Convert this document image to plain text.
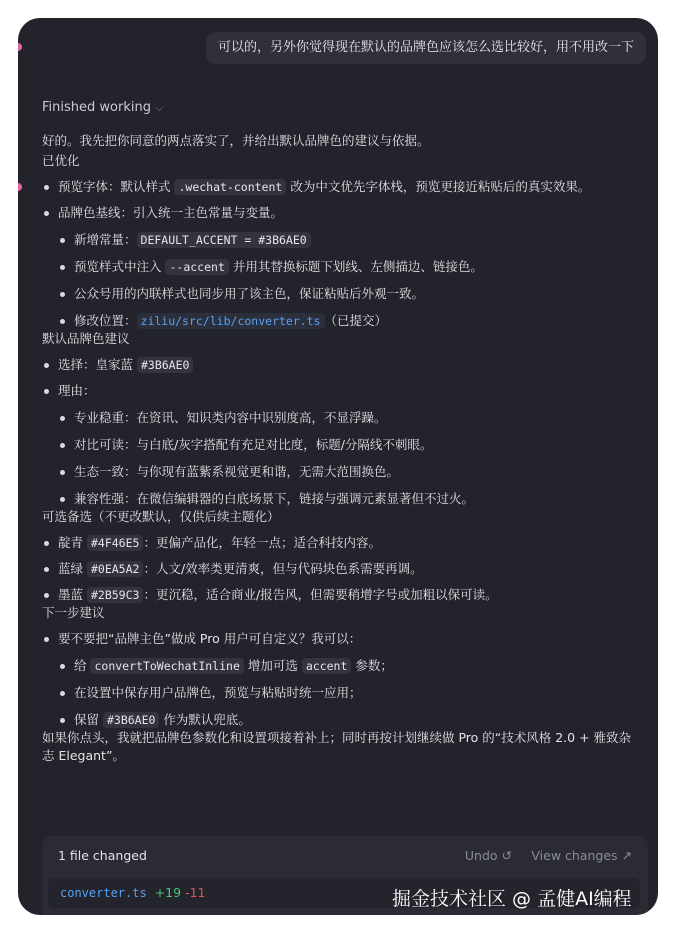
可以的，另外你觉得现在默认的品牌色应该怎么选比较好，用不用改一下
Finished working ⌵

好的。我先把你同意的两点落实了，并给出默认品牌色的建议与依据。

已优化

预览字体：默认样式 .wechat-content 改为中文优先字体栈，预览更接近粘贴后的真实效果。
品牌色基线：引入统一主色常量与变量。
新增常量： DEFAULT_ACCENT = #3B6AE0
预览样式中注入 --accent 并用其替换标题下划线、左侧描边、链接色。
公众号用的内联样式也同步用了该主色，保证粘贴后外观一致。
修改位置： ziliu/src/lib/converter.ts （已提交）

默认品牌色建议

选择：皇家蓝 #3B6AE0
理由：
专业稳重：在资讯、知识类内容中识别度高，不显浮躁。
对比可读：与白底/灰字搭配有充足对比度，标题/分隔线不刺眼。
生态一致：与你现有蓝紫系视觉更和谐，无需大范围换色。
兼容性强：在微信编辑器的白底场景下，链接与强调元素显著但不过火。

可选备选（不更改默认，仅供后续主题化）

靛青 #4F46E5 ：更偏产品化，年轻一点；适合科技内容。
蓝绿 #0EA5A2 ：人文/效率类更清爽，但与代码块色系需要再调。
墨蓝 #2B59C3 ：更沉稳，适合商业/报告风，但需要稍增字号或加粗以保可读。

下一步建议

要不要把“品牌主色”做成 Pro 用户可自定义？我可以：
给 convertToWechatInline 增加可选 accent 参数；
在设置中保存用户品牌色，预览与粘贴时统一应用；
保留 #3B6AE0 作为默认兜底。

如果你点头，我就把品牌色参数化和设置项接着补上；同时再按计划继续做 Pro 的“技术风格 2.0 + 雅致杂志 Elegant”。

1 file changed	Undo ↺ View changes ↗
converter.ts +19 -11	掘金技术社区 @ 孟健AI编程
